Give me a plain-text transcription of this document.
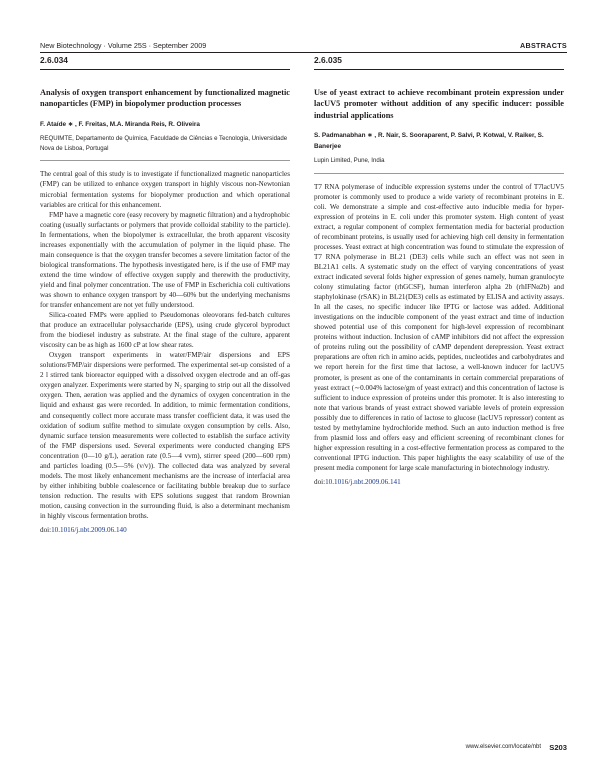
New Biotechnology · Volume 25S · September 2009	ABSTRACTS
2.6.034
Analysis of oxygen transport enhancement by functionalized magnetic nanoparticles (FMP) in biopolymer production processes
F. Ataíde ∗ , F. Freitas, M.A. Miranda Reis, R. Oliveira
REQUIMTE, Departamento de Química, Faculdade de Ciências e Tecnologia, Universidade Nova de Lisboa, Portugal

The central goal of this study is to investigate if functionalized magnetic nanoparticles (FMP) can be utilized to enhance oxygen transport in highly viscous non-Newtonian microbial fermentation systems for biopolymer production and which operational variables are critical for this enhancement.

FMP have a magnetic core (easy recovery by magnetic filtration) and a hydrophobic coating (usually surfactants or polymers that provide colloidal stability to the particle). In fermentations, when the biopolymer is extracellular, the broth apparent viscosity increases exponentially with the accumulation of polymer in the liquid phase. The main consequence is that the oxygen transfer becomes a severe limitation factor of the biological transformations. The hypothesis investigated here, is if the use of FMP may extend the time window of effective oxygen supply and therewith the productivity, yield and final polymer concentration. The use of FMP in Escherichia coli cultivations was shown to enhance oxygen transport by 40—60% but the underlying mechanisms for transfer enhancement are not yet fully understood.

Silica-coated FMPs were applied to Pseudomonas oleovorans fed-batch cultures that produce an extracellular polysaccharide (EPS), using crude glycerol byproduct from the biodiesel industry as substrate. At the final stage of the culture, apparent viscosity can be as high as 1600 cP at low shear rates.

Oxygen transport experiments in water/FMP/air dispersions and EPS solutions/FMP/air dispersions were performed. The experimental set-up consisted of a 2 l stirred tank bioreactor equipped with a dissolved oxygen electrode and an off-gas oxygen analyzer. Experiments were started by N₂ sparging to strip out all the dissolved oxygen. Then, aeration was applied and the dynamics of oxygen concentration in the liquid and exhaust gas were recorded. In addition, to mimic fermentation conditions, and consequently collect more accurate mass transfer coefficient data, it was used the oxidation of sodium sulfite method to simulate oxygen consumption by cells. Also, dynamic surface tension measurements were collected to establish the surface activity of the FMP dispersions used. Several experiments were conducted changing EPS concentration (0—10 g/L), aeration rate (0.5—4 vvm), stirrer speed (200—600 rpm) and particles loading (0.5—5% (v/v)). The collected data was analyzed by several models. The most likely enhancement mechanisms are the increase of interfacial area by either inhibiting bubble coalescence or facilitating bubble breakup due to surface tension reduction. The results with EPS solutions suggest that random Brownian motion, causing convection in the surrounding fluid, is also a determinant mechanism in highly viscous fermentation broths.

doi:10.1016/j.nbt.2009.06.140
2.6.035
Use of yeast extract to achieve recombinant protein expression under lacUV5 promoter without addition of any specific inducer: possible industrial applications
S. Padmanabhan ∗ , R. Nair, S. Sooraparent, P. Salvi, P. Kotwal, V. Raiker, S. Banerjee
Lupin Limited, Pune, India

T7 RNA polymerase of inducible expression systems under the control of T7lacUV5 promoter is commonly used to produce a wide variety of recombinant proteins in E. coli. We demonstrate a simple and cost-effective auto inducible media for hyper-expression of proteins in E. coli under this promoter system. High content of yeast extract, a regular component of complex fermentation media for bacterial production of recombinant proteins, is usually used for achieving high cell density in fermentation processes. Yeast extract at high concentration was found to stimulate the expression of T7 RNA polymerase in BL21 (DE3) cells while such an effect was not seen in BL21A1 cells. A systematic study on the effect of varying concentrations of yeast extract indicated several folds higher expression of genes namely, human granulocyte colony stimulating factor (rhGCSF), human interferon alpha 2b (rhIFNα2b) and staphylokinase (rSAK) in BL21(DE3) cells as estimated by ELISA and activity assays. In all the cases, no specific inducer like IPTG or lactose was added. Additional investigations on the inducible component of the yeast extract and time of induction showed potential use of this component for high-level expression of recombinant proteins without induction. Inclusion of cAMP inhibitors did not affect the expression of proteins ruling out the possibility of cAMP dependent derepression. Yeast extract preparations are often rich in amino acids, peptides, nucleotides and carbohydrates and we report herein for the first time that lactose, a well-known inducer for lacUV5 promoter, is present as one of the contaminants in certain commercial preparations of yeast extract (∼0.004% lactose/gm of yeast extract) and this concentration of lactose is sufficient to induce expression of proteins under this promoter. It is also interesting to note that various brands of yeast extract showed variable levels of protein expression possibly due to differences in ratio of lactose to glucose (lacUV5 repressor) content as tested by methylamine hydrochloride method. Such an auto induction method is free from plasmid loss and offers easy and efficient screening of recombinant clones for higher expression resulting in a cost-effective fermentation process as compared to the conventional IPTG induction. This paper highlights the easy scalability of use of the present media component for large scale manufacturing in biotechnology industry.

doi:10.1016/j.nbt.2009.06.141
www.elsevier.com/locate/nbt S203
